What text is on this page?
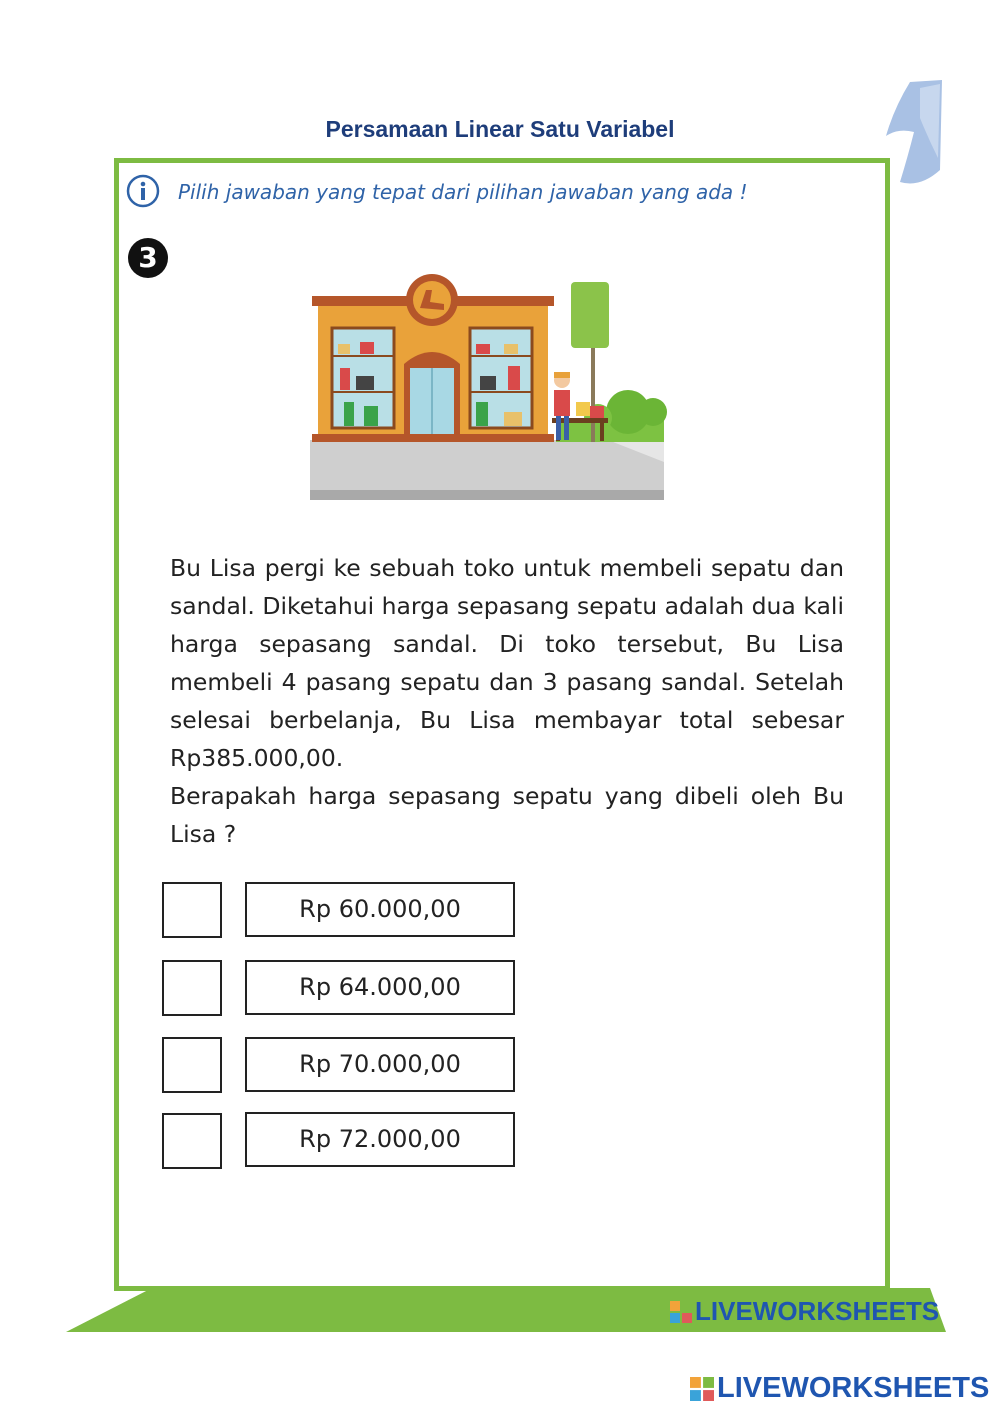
Persamaan Linear Satu Variabel
Pilih jawaban yang tepat dari pilihan jawaban yang ada !
3

Bu Lisa pergi ke sebuah toko untuk membeli sepatu dan sandal. Diketahui harga sepasang sepatu adalah dua kali harga sepasang sandal. Di toko tersebut, Bu Lisa membeli 4 pasang sepatu dan 3 pasang sandal. Setelah selesai berbelanja, Bu Lisa membayar total sebesar Rp385.000,00.

Berapakah harga sepasang sepatu yang dibeli oleh Bu Lisa ?

Rp 60.000,00
Rp 64.000,00
Rp 70.000,00
Rp 72.000,00
LIVEWORKSHEETS
LIVEWORKSHEETS
